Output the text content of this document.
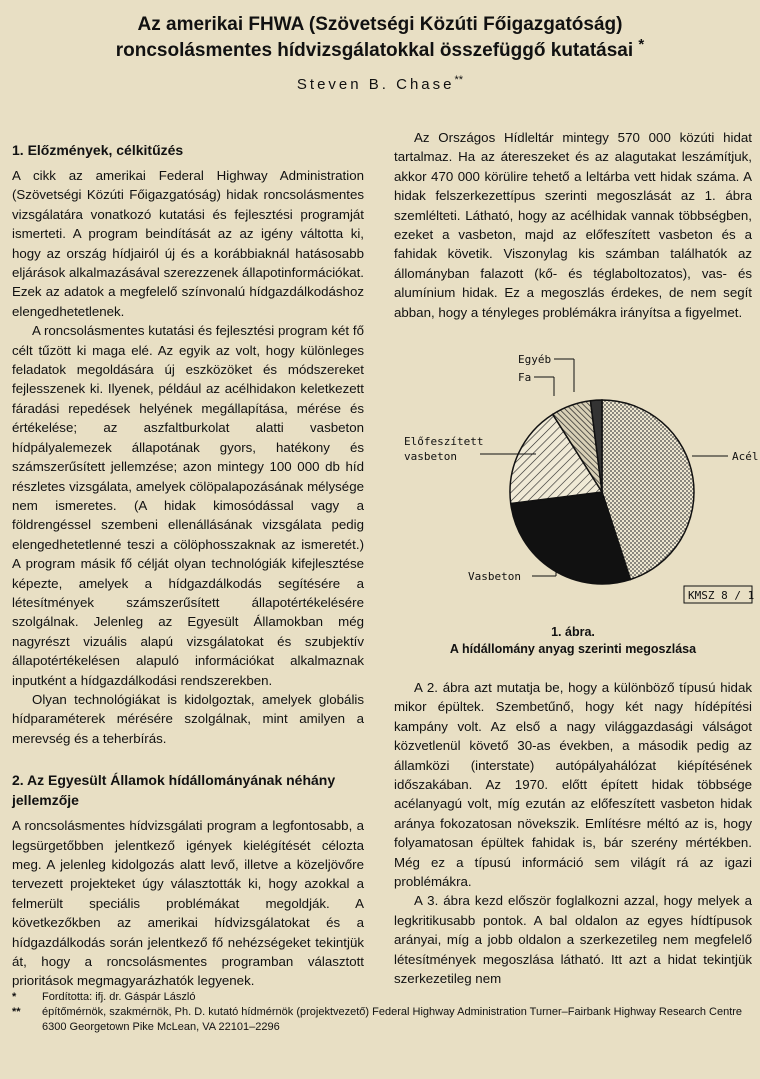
Az amerikai FHWA (Szövetségi Közúti Főigazgatóság)
roncsolásmentes hídvizsgálatokkal összefüggő kutatásai *
Steven B. Chase**
1. Előzmények, célkitűzés

A cikk az amerikai Federal Highway Administration (Szövetségi Közúti Főigazgatóság) hidak roncsolásmentes vizsgálatára vonatkozó kutatási és fejlesztési programját ismerteti. A program beindítását az az igény váltotta ki, hogy az ország hídjairól új és a korábbiaknál hatásosabb eljárások alkalmazásával szerezzenek állapotinformációkat. Ezek az adatok a megfelelő színvonalú hídgazdálkodáshoz elengedhetetlenek.

A roncsolásmentes kutatási és fejlesztési program két fő célt tűzött ki maga elé. Az egyik az volt, hogy különleges feladatok megoldására új eszközöket és módszereket fejlesszenek ki. Ilyenek, például az acélhidakon keletkezett fáradási repedések helyének megállapítása, mérése és értékelése; az aszfaltburkolat alatti vasbeton hídpályalemezek állapotának gyors, hatékony és számszerűsített jellemzése; azon mintegy 100 000 db híd részletes vizsgálata, amelyek cölöpalapozásának mélysége nem ismeretes. (A hidak kimosódással vagy a földrengéssel szembeni ellenállásának vizsgálata pedig elengedhetetlenné teszi a cölöphosszaknak az ismeretét.) A program másik fő célját olyan technológiák kifejlesztése képezte, amelyek a hídgazdálkodás segítésére a létesítmények számszerűsített állapotértékelésére szolgálnak. Jelenleg az Egyesült Államokban még nagyrészt vizuális alapú vizsgálatokat és szubjektív állapotértékelésen alapuló információkat alkalmaznak inputként a hídgazdálkodási rendszerekben.

Olyan technológiákat is kidolgoztak, amelyek globális hídparaméterek mérésére szolgálnak, mint amilyen a merevség és a teherbírás.

2. Az Egyesült Államok hídállományának néhány jellemzője

A roncsolásmentes hídvizsgálati program a legfontosabb, a legsürgetőbben jelentkező igények kielégítését célozta meg. A jelenleg kidolgozás alatt levő, illetve a közeljövőre tervezett projekteket úgy választották ki, hogy azokkal a felmerült speciális problémákat megoldják. A következőkben az amerikai hídvizsgálatokat és a hídgazdálkodás során jelentkező fő nehézségeket tekintjük át, hogy a roncsolásmentes programban választott prioritások megmagyarázhatók legyenek.

Az Országos Hídleltár mintegy 570 000 közúti hidat tartalmaz. Ha az átereszeket és az alagutakat leszámítjuk, akkor 470 000 körülire tehető a leltárba vett hidak száma. A hidak felszerkezettípus szerinti megoszlását az 1. ábra szemlélteti. Látható, hogy az acélhidak vannak többségben, ezeket a vasbeton, majd az előfeszített vasbeton és a fahidak követik. Viszonylag kis számban találhatók az állományban falazott (kő- és téglaboltozatos), vas- és alumínium hidak. Ez a megoszlás érdekes, de nem segít abban, hogy a tényleges problémákra irányítsa a figyelmet.

Egyéb
Fa
Előfeszített
vasbeton	Acél
Vasbeton
KMSZ 8 / 1
1. ábra.
A hídállomány anyag szerinti megoszlása

A 2. ábra azt mutatja be, hogy a különböző típusú hidak mikor épültek. Szembetűnő, hogy két nagy hídépítési kampány volt. Az első a nagy világgazdasági válságot közvetlenül követő 30-as években, a második pedig az államközi (interstate) autópályahálózat kiépítésének időszakában. Az 1970. előtt épített hidak többsége acélanyagú volt, míg ezután az előfeszített vasbeton hidak aránya fokozatosan növekszik. Említésre méltó az is, hogy folyamatosan épültek fahidak is, bár szerény mértékben. Még ez a típusú információ sem világít rá az igazi problémákra.

A 3. ábra kezd először foglalkozni azzal, hogy melyek a legkritikusabb pontok. A bal oldalon az egyes hídtípusok arányai, míg a jobb oldalon a szerkezetileg nem megfelelő létesítmények megoszlása látható. Itt azt a hidat tekintjük szerkezetileg nem

*	Fordította: ifj. dr. Gáspár László
**	építőmérnök, szakmérnök, Ph. D. kutató hídmérnök (projektvezető) Federal Highway Administration Turner–Fairbank Highway Research Centre 6300 Georgetown Pike McLean, VA 22101–2296
